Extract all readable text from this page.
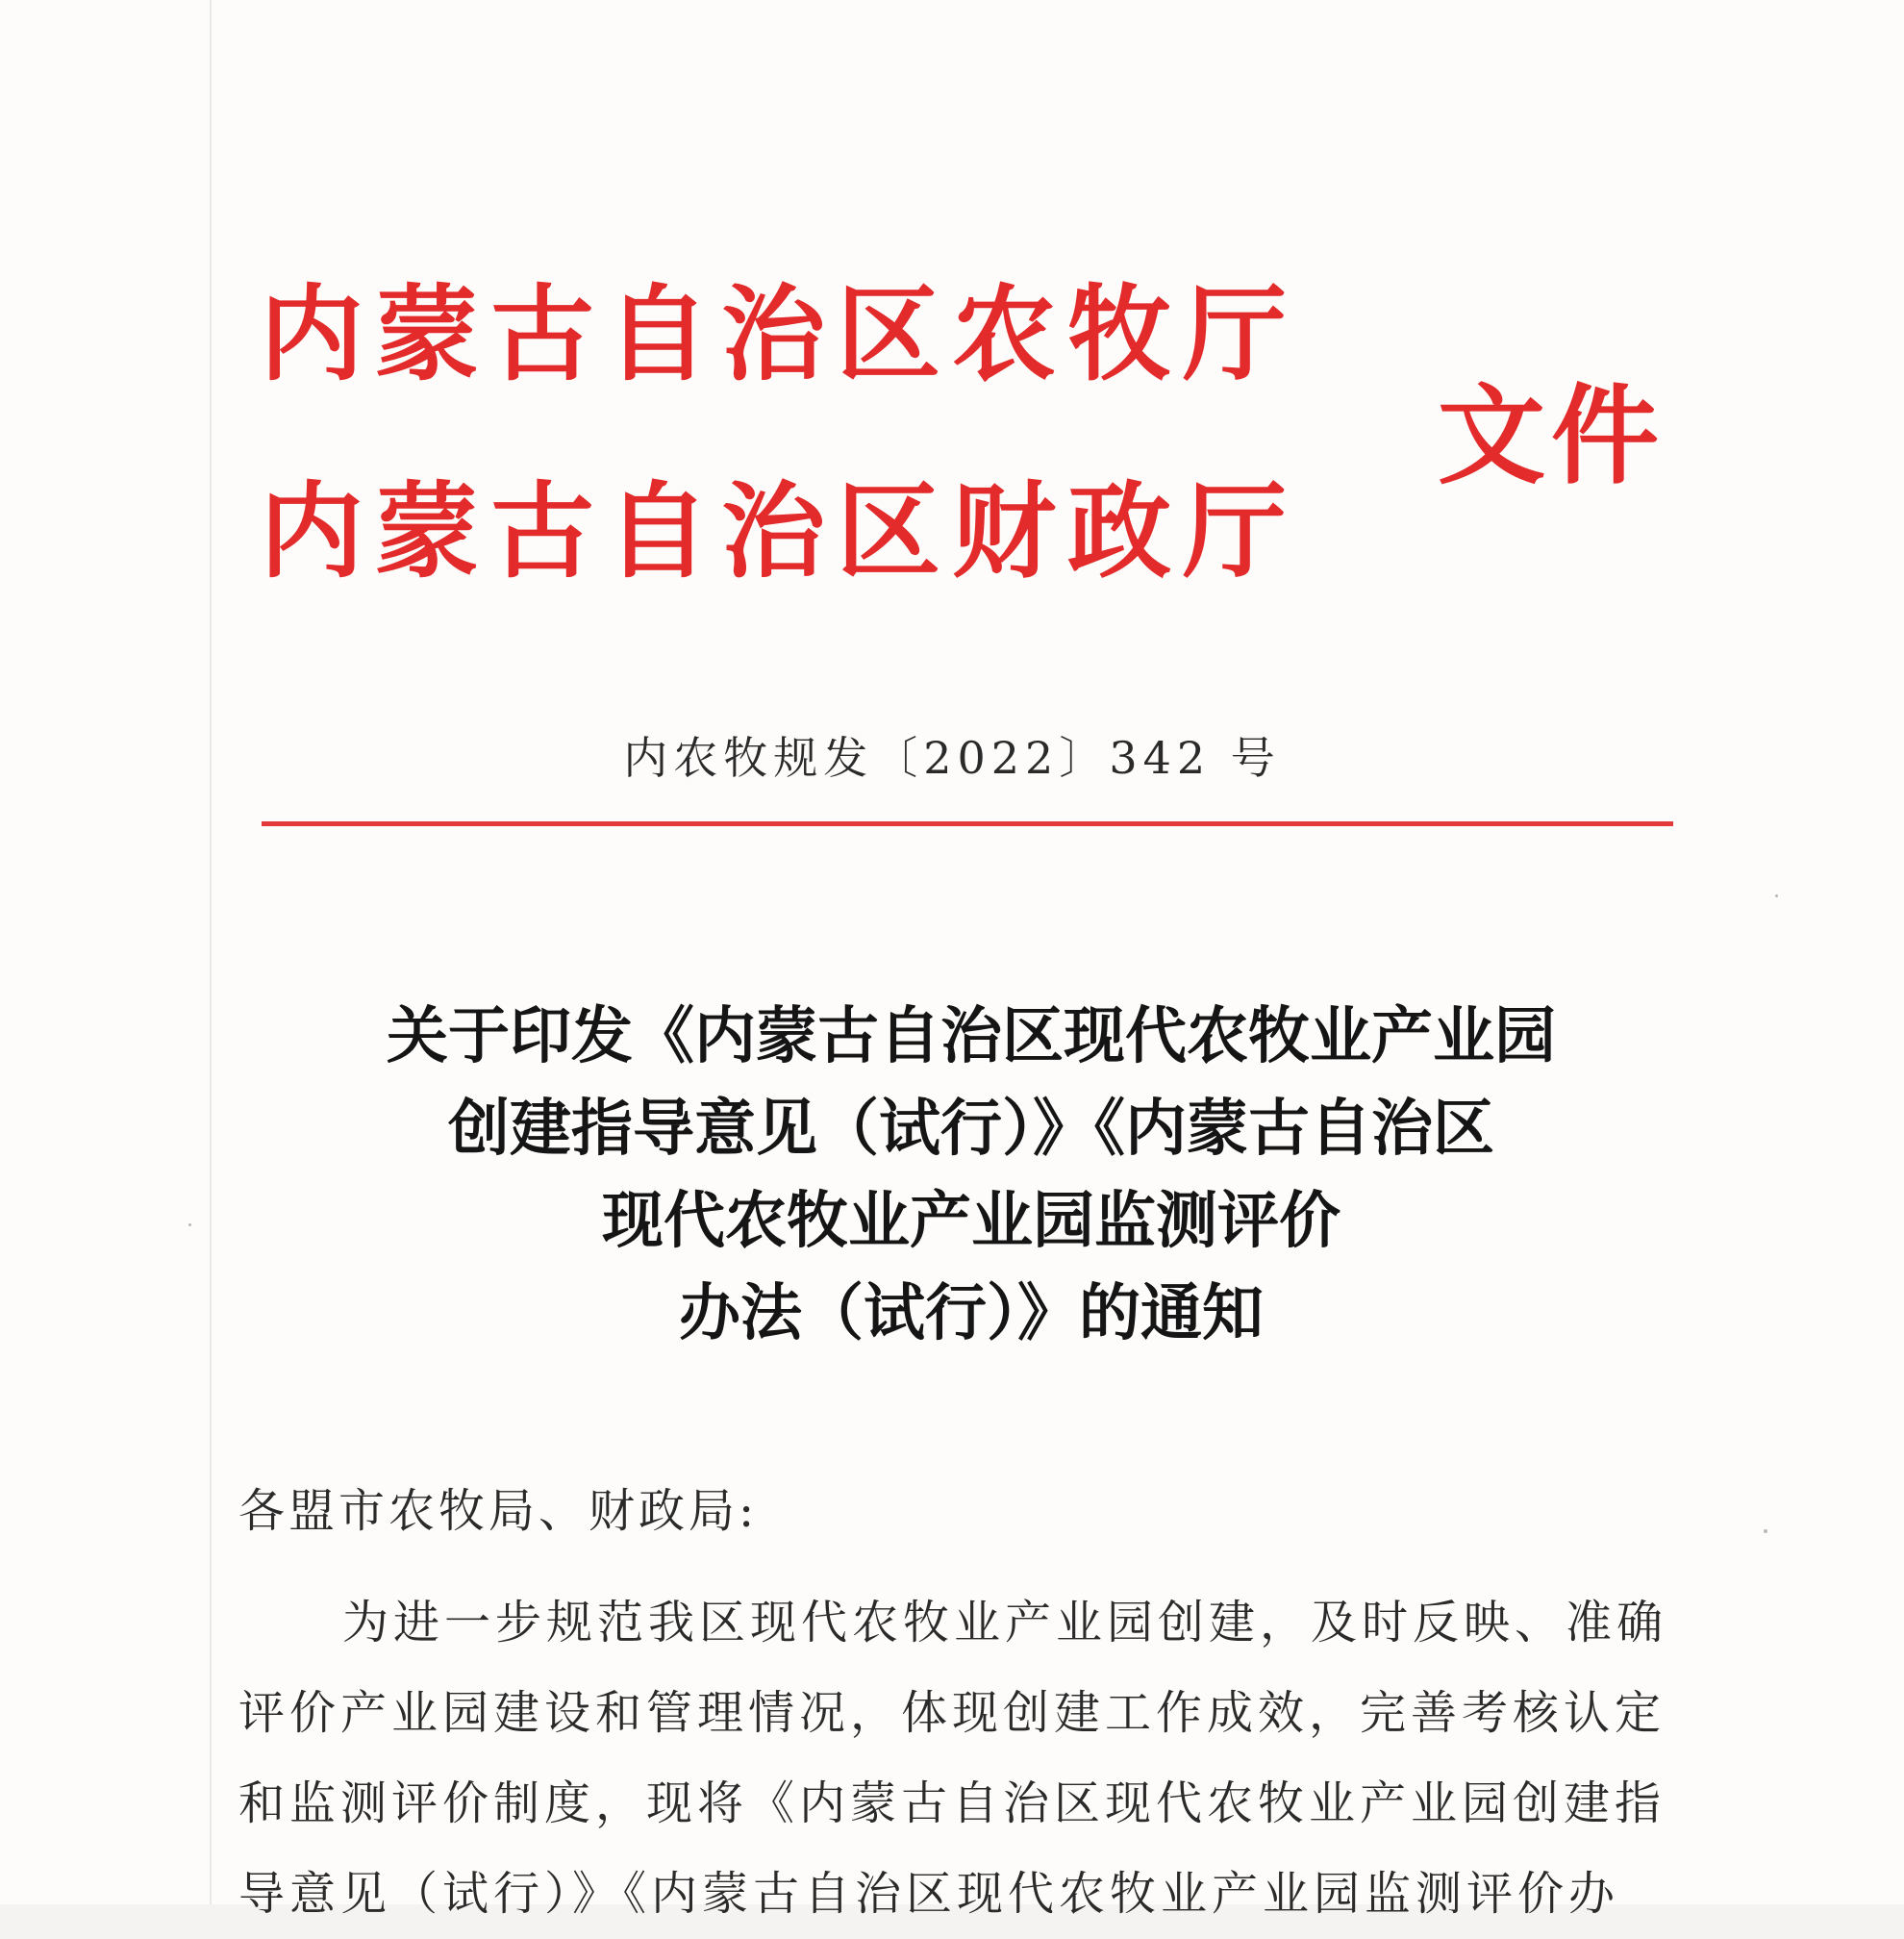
内蒙古自治区农牧厅
内蒙古自治区财政厅
文件
内农牧规发〔2022〕342 号
关于印发《内蒙古自治区现代农牧业产业园
创建指导意见（试行）》《内蒙古自治区
现代农牧业产业园监测评价
办法（试行）》的通知
各盟市农牧局、财政局:
为进一步规范我区现代农牧业产业园创建，及时反映、准确
评价产业园建设和管理情况，体现创建工作成效，完善考核认定
和监测评价制度，现将《内蒙古自治区现代农牧业产业园创建指
导意见（试行）》《内蒙古自治区现代农牧业产业园监测评价办
